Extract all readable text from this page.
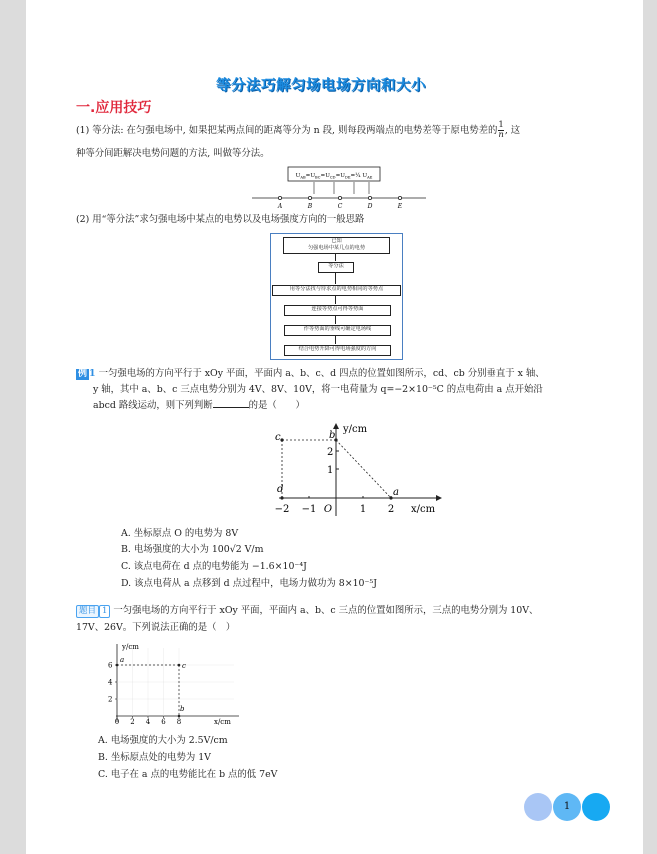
等分法巧解匀场电场方向和大小
一.应用技巧
(1) 等分法: 在匀强电场中, 如果把某两点间的距离等分为 n 段, 则每段两端点的电势差等于原电势差的 $\frac{1}{n}$ , 这
种等分间距解决电势问题的方法, 叫做等分法。
$U_{AB}=U_{BC}=U_{CD}=U_{DE}=\frac{1}{4}$ $U_{AE}$
A	B	C	D	E
(2) 用“等分法”求匀强电场中某点的电势以及电场强度方向的一般思路
已知
匀强电场中某几点的电势
等分法
用等分法找与待求点的电势相同的等势点
连接等势点可得等势面
作等势面的垂线可确定电场线
结合电势升降可得电场强度的方向
例 1 一匀强电场的方向平行于 xOy 平面，平面内 a、b、c、d 四点的位置如图所示，cd、cb 分别垂直于 x 轴、
y 轴，其中 a、b、c 三点电势分别为 4V、8V、10V，将一电荷量为 q=−2×10⁻⁵C 的点电荷由 a 点开始沿
abcd 路线运动，则下列判断	的是（　　）
d
c	b
a
y/cm
x/cm
−2 −1 O	1 2
1
2
A. 坐标原点 O 的电势为 8V
B. 电场强度的大小为 100√2 V/m
C. 该点电荷在 d 点的电势能为 −1.6×10⁻⁴J
D. 该点电荷从 a 点移到 d 点过程中，电场力做功为 8×10⁻⁵J
题目 1 一匀强电场的方向平行于 xOy 平面，平面内 a、b、c 三点的位置如图所示，三点的电势分别为 10V、
17V、26V。下列说法正确的是（　）
a
c
b
y/cm
x/cm
0 2 4 6 8
2
4
6
A. 电场强度的大小为 2.5V/cm
B. 坐标原点处的电势为 1V
C. 电子在 a 点的电势能比在 b 点的低 7eV
1
